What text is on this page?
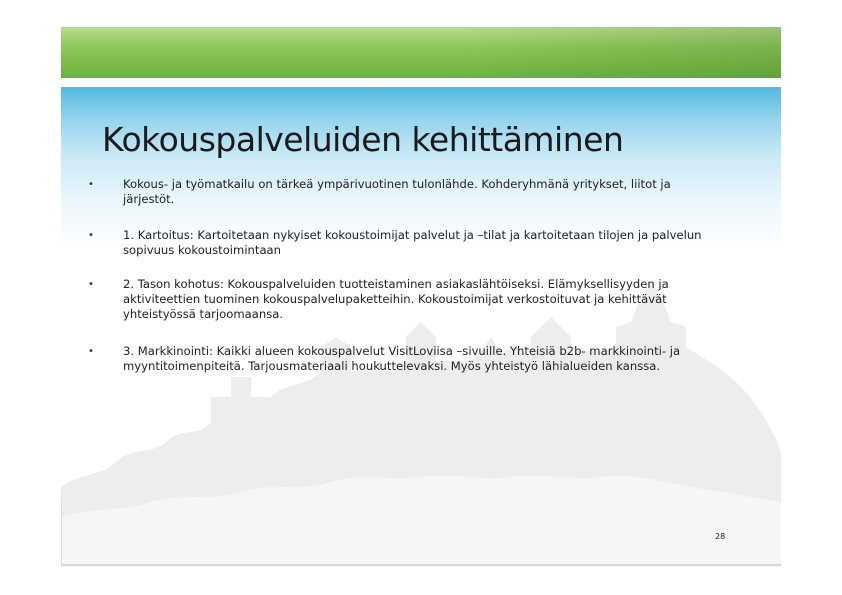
Kokouspalveluiden kehittäminen
•	Kokous- ja työmatkailu on tärkeä ympärivuotinen tulonlähde. Kohderyhmänä yritykset, liitot ja järjestöt.
•	1. Kartoitus: Kartoitetaan nykyiset kokoustoimijat palvelut ja –tilat ja kartoitetaan tilojen ja palvelun sopivuus kokoustoimintaan
•	2. Tason kohotus: Kokouspalveluiden tuotteistaminen asiakaslähtöiseksi. Elämyksellisyyden ja aktiviteettien tuominen kokouspalvelupaketteihin. Kokoustoimijat verkostoituvat ja kehittävät yhteistyössä tarjoomaansa.
•	3. Markkinointi: Kaikki alueen kokouspalvelut VisitLoviisa –sivuille. Yhteisiä b2b- markkinointi- ja myyntitoimenpiteitä. Tarjousmateriaali houkuttelevaksi. Myös yhteistyö lähialueiden kanssa.
28
